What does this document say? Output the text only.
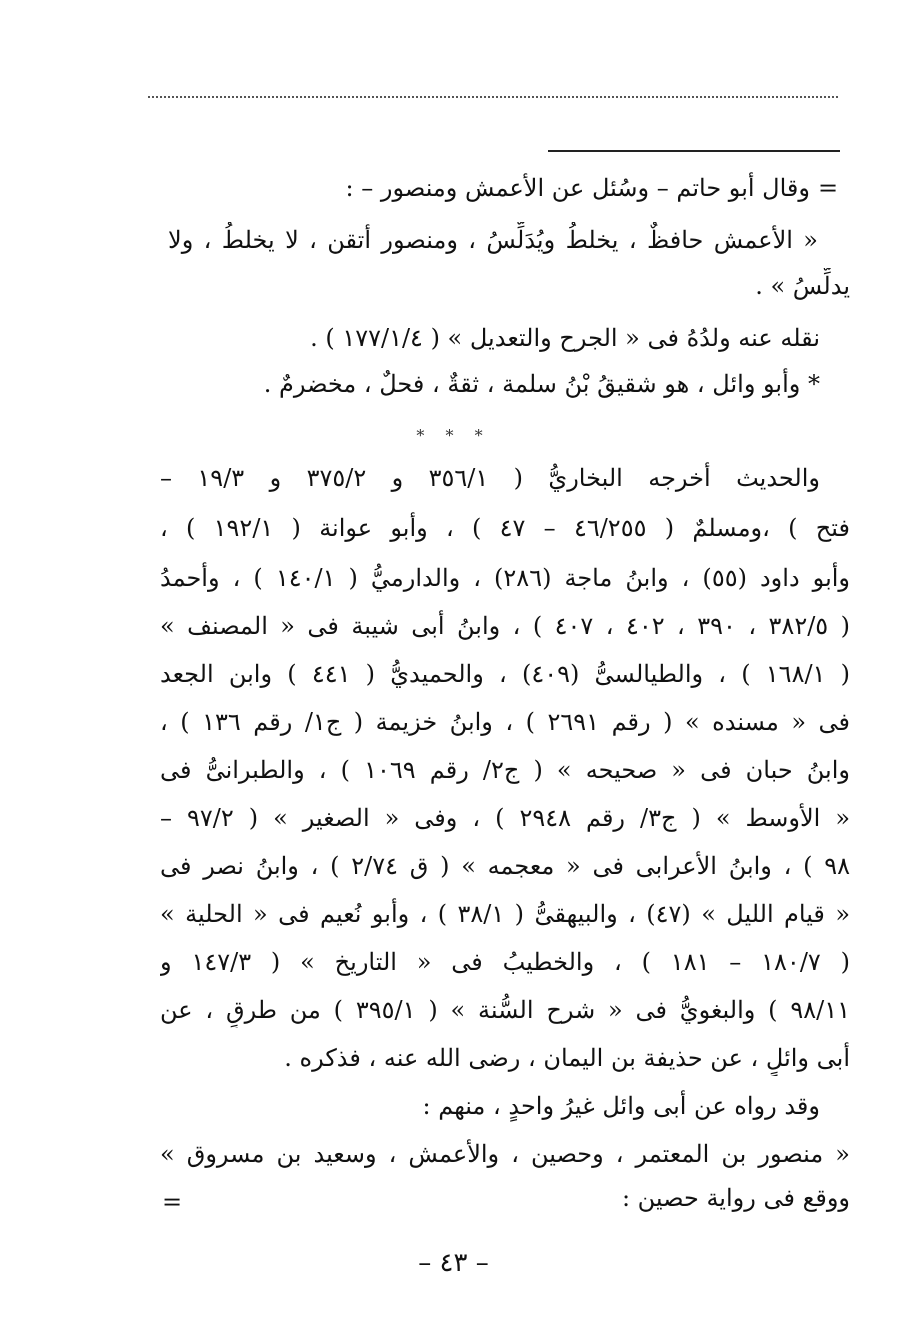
=
وقال أبو حاتم – وسُئل عن الأعمش ومنصور – :
« الأعمش حافظٌ ، يخلطُ ويُدَلِّسُ ، ومنصور أتقن ، لا يخلطُ ، ولا
يدلِّسُ » .
نقله عنه ولدُهُ فى « الجرح والتعديل » ( ١٧٧/١/٤ ) .
* وأبو وائل ، هو شقيقُ بْنُ سلمة ، ثقةٌ ، فحلٌ ، مخضرمٌ .
* * *
والحديث أخرجه البخاريُّ ( ٣٥٦/١ و ٣٧٥/٢ و ١٩/٣ –
فتح ) ،ومسلمٌ ( ٤٦/٢٥٥ – ٤٧ ) ، وأبو عوانة ( ١٩٢/١ ) ،
وأبو داود (٥٥) ، وابنُ ماجة (٢٨٦) ، والدارميُّ ( ١٤٠/١ ) ، وأحمدُ
( ٣٨٢/٥ ، ٣٩٠ ، ٤٠٢ ، ٤٠٧ ) ، وابنُ أبى شيبة فى « المصنف »
( ١٦٨/١ ) ، والطيالسىُّ (٤٠٩) ، والحميديُّ ( ٤٤١ ) وابن الجعد
فى « مسنده » ( رقم ٢٦٩١ ) ، وابنُ خزيمة ( ج١/ رقم ١٣٦ ) ،
وابنُ حبان فى « صحيحه » ( ج٢/ رقم ١٠٦٩ ) ، والطبرانىُّ فى
« الأوسط » ( ج٣/ رقم ٢٩٤٨ ) ، وفى « الصغير » ( ٩٧/٢ –
٩٨ ) ، وابنُ الأعرابى فى « معجمه » ( ق ٢/٧٤ ) ، وابنُ نصر فى
« قيام الليل » (٤٧) ، والبيهقىُّ ( ٣٨/١ ) ، وأبو نُعيم فى « الحلية »
( ١٨٠/٧ – ١٨١ ) ، والخطيبُ فى « التاريخ » ( ١٤٧/٣ و
٩٨/١١ ) والبغويُّ فى « شرح السُّنة » ( ٣٩٥/١ ) من طرقٍ ، عن
أبى وائلٍ ، عن حذيفة بن اليمان ، رضى الله عنه ، فذكره .
وقد رواه عن أبى وائل غيرُ واحدٍ ، منهم :
« منصور بن المعتمر ، وحصين ، والأعمش ، وسعيد بن مسروق »
ووقع فى رواية حصين :
=
– ٤٣ –
